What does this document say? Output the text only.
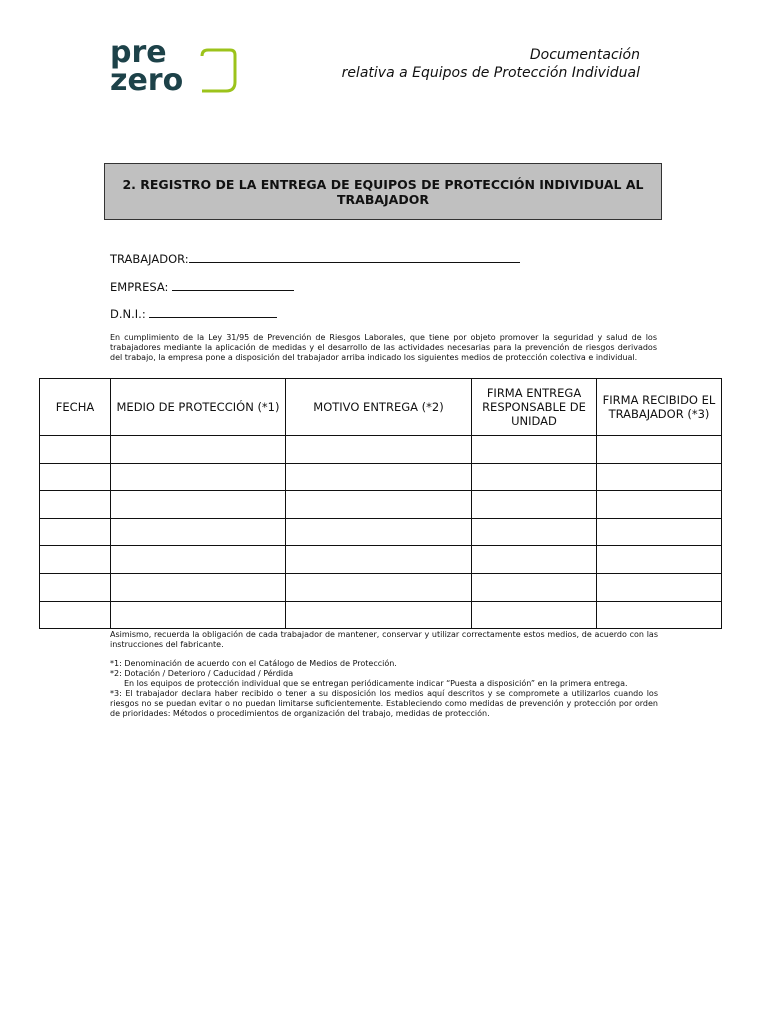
pre
zero
Documentación
relativa a Equipos de Protección Individual
2. REGISTRO DE LA ENTREGA DE EQUIPOS DE PROTECCIÓN INDIVIDUAL AL TRABAJADOR
TRABAJADOR:
EMPRESA:
D.N.I.:
En cumplimiento de la Ley 31/95 de Prevención de Riesgos Laborales, que tiene por objeto promover la seguridad y salud de los trabajadores mediante la aplicación de medidas y el desarrollo de las actividades necesarias para la prevención de riesgos derivados del trabajo, la empresa pone a disposición del trabajador arriba indicado los siguientes medios de protección colectiva e individual.
FECHA	MEDIO DE PROTECCIÓN (*1)	MOTIVO ENTREGA (*2)	FIRMA ENTREGA RESPONSABLE DE UNIDAD	FIRMA RECIBIDO EL TRABAJADOR (*3)

Asimismo, recuerda la obligación de cada trabajador de mantener, conservar y utilizar correctamente estos medios, de acuerdo con las instrucciones del fabricante.

*1: Denominación de acuerdo con el Catálogo de Medios de Protección.

*2: Dotación / Deterioro / Caducidad / Pérdida

En los equipos de protección individual que se entregan periódicamente indicar “Puesta a disposición” en la primera entrega.

*3: El trabajador declara haber recibido o tener a su disposición los medios aquí descritos y se compromete a utilizarlos cuando los riesgos no se puedan evitar o no puedan limitarse suficientemente. Estableciendo como medidas de prevención y protección por orden de prioridades: Métodos o procedimientos de organización del trabajo, medidas de protección.
